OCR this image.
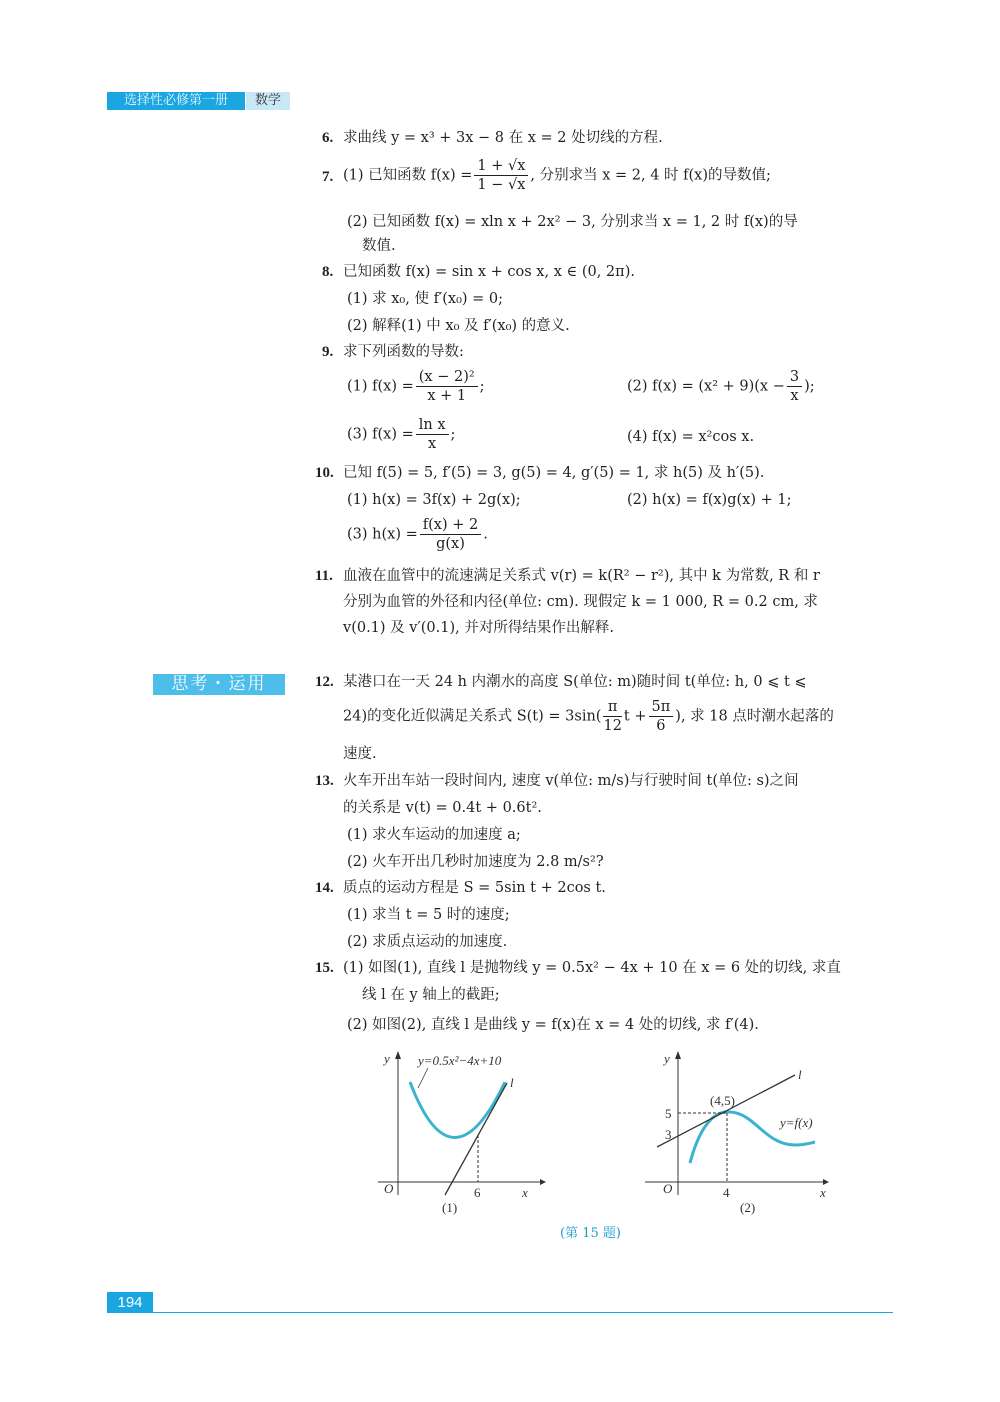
选择性必修第一册	数学
6. 求曲线 y = x³ + 3x − 8 在 x = 2 处切线的方程.
7. (1) 已知函数 $f(x) = \frac{1 + √x}{1 - √x}$ , 分别求当 x = 2, 4 时 f(x)的导数值;
(2) 已知函数 f(x) = xln x + 2x² − 3, 分别求当 x = 1, 2 时 f(x)的导
数值.
8. 已知函数 f(x) = sin x + cos x, x ∈ (0, 2π).
(1) 求 x₀, 使 f′(x₀) = 0;
(2) 解释(1) 中 x₀ 及 f′(x₀) 的意义.
9. 求下列函数的导数:
(1) $f(x) = \frac{\text{(x − 2)²}}{x + 1}$ ;	(2) $f(x) = (x^2 + 9)(x - \frac{3}{x}$ );
(3) $f(x) = \frac{\text{ln x}}{x}$ ;	(4) f(x) = x²cos x.
10. 已知 f(5) = 5, f′(5) = 3, g(5) = 4, g′(5) = 1, 求 h(5) 及 h′(5).
(1) h(x) = 3f(x) + 2g(x);	(2) h(x) = f(x)g(x) + 1;
(3) $h(x) = \frac{f(x) + 2}{g(x)}$ .
11. 血液在血管中的流速满足关系式 v(r) = k(R² − r²), 其中 k 为常数, R 和 r
分别为血管的外径和内径(单位: cm). 现假定 k = 1 000, R = 0.2 cm, 求
v(0.1) 及 v′(0.1), 并对所得结果作出解释.
思考・运用	12. 某港口在一天 24 h 内潮水的高度 S(单位: m)随时间 t(单位: h, 0 ⩽ t ⩽
24)的变化近似满足关系式 $S(t) = 3\sin( \frac{\pi}{12}$ $t + \frac{5\pi}{6}$ ), 求 18 点时潮水起落的
速度.
13. 火车开出车站一段时间内, 速度 v(单位: m/s)与行驶时间 t(单位: s)之间
的关系是 v(t) = 0.4t + 0.6t².
(1) 求火车运动的加速度 a;
(2) 火车开出几秒时加速度为 2.8 m/s²?
14. 质点的运动方程是 S = 5sin t + 2cos t.
(1) 求当 t = 5 时的速度;
(2) 求质点运动的加速度.
15. (1) 如图(1), 直线 l 是抛物线 y = 0.5x² − 4x + 10 在 x = 6 处的切线, 求直
线 l 在 y 轴上的截距;
(2) 如图(2), 直线 l 是曲线 y = f(x)在 x = 4 处的切线, 求 f′(4).
y y=0.5x²−4x+10
l
O	6	x
(1)
y
(4,5)
l
5
3
y=f(x)
O	4	x
(2)
(第 15 题)
194
